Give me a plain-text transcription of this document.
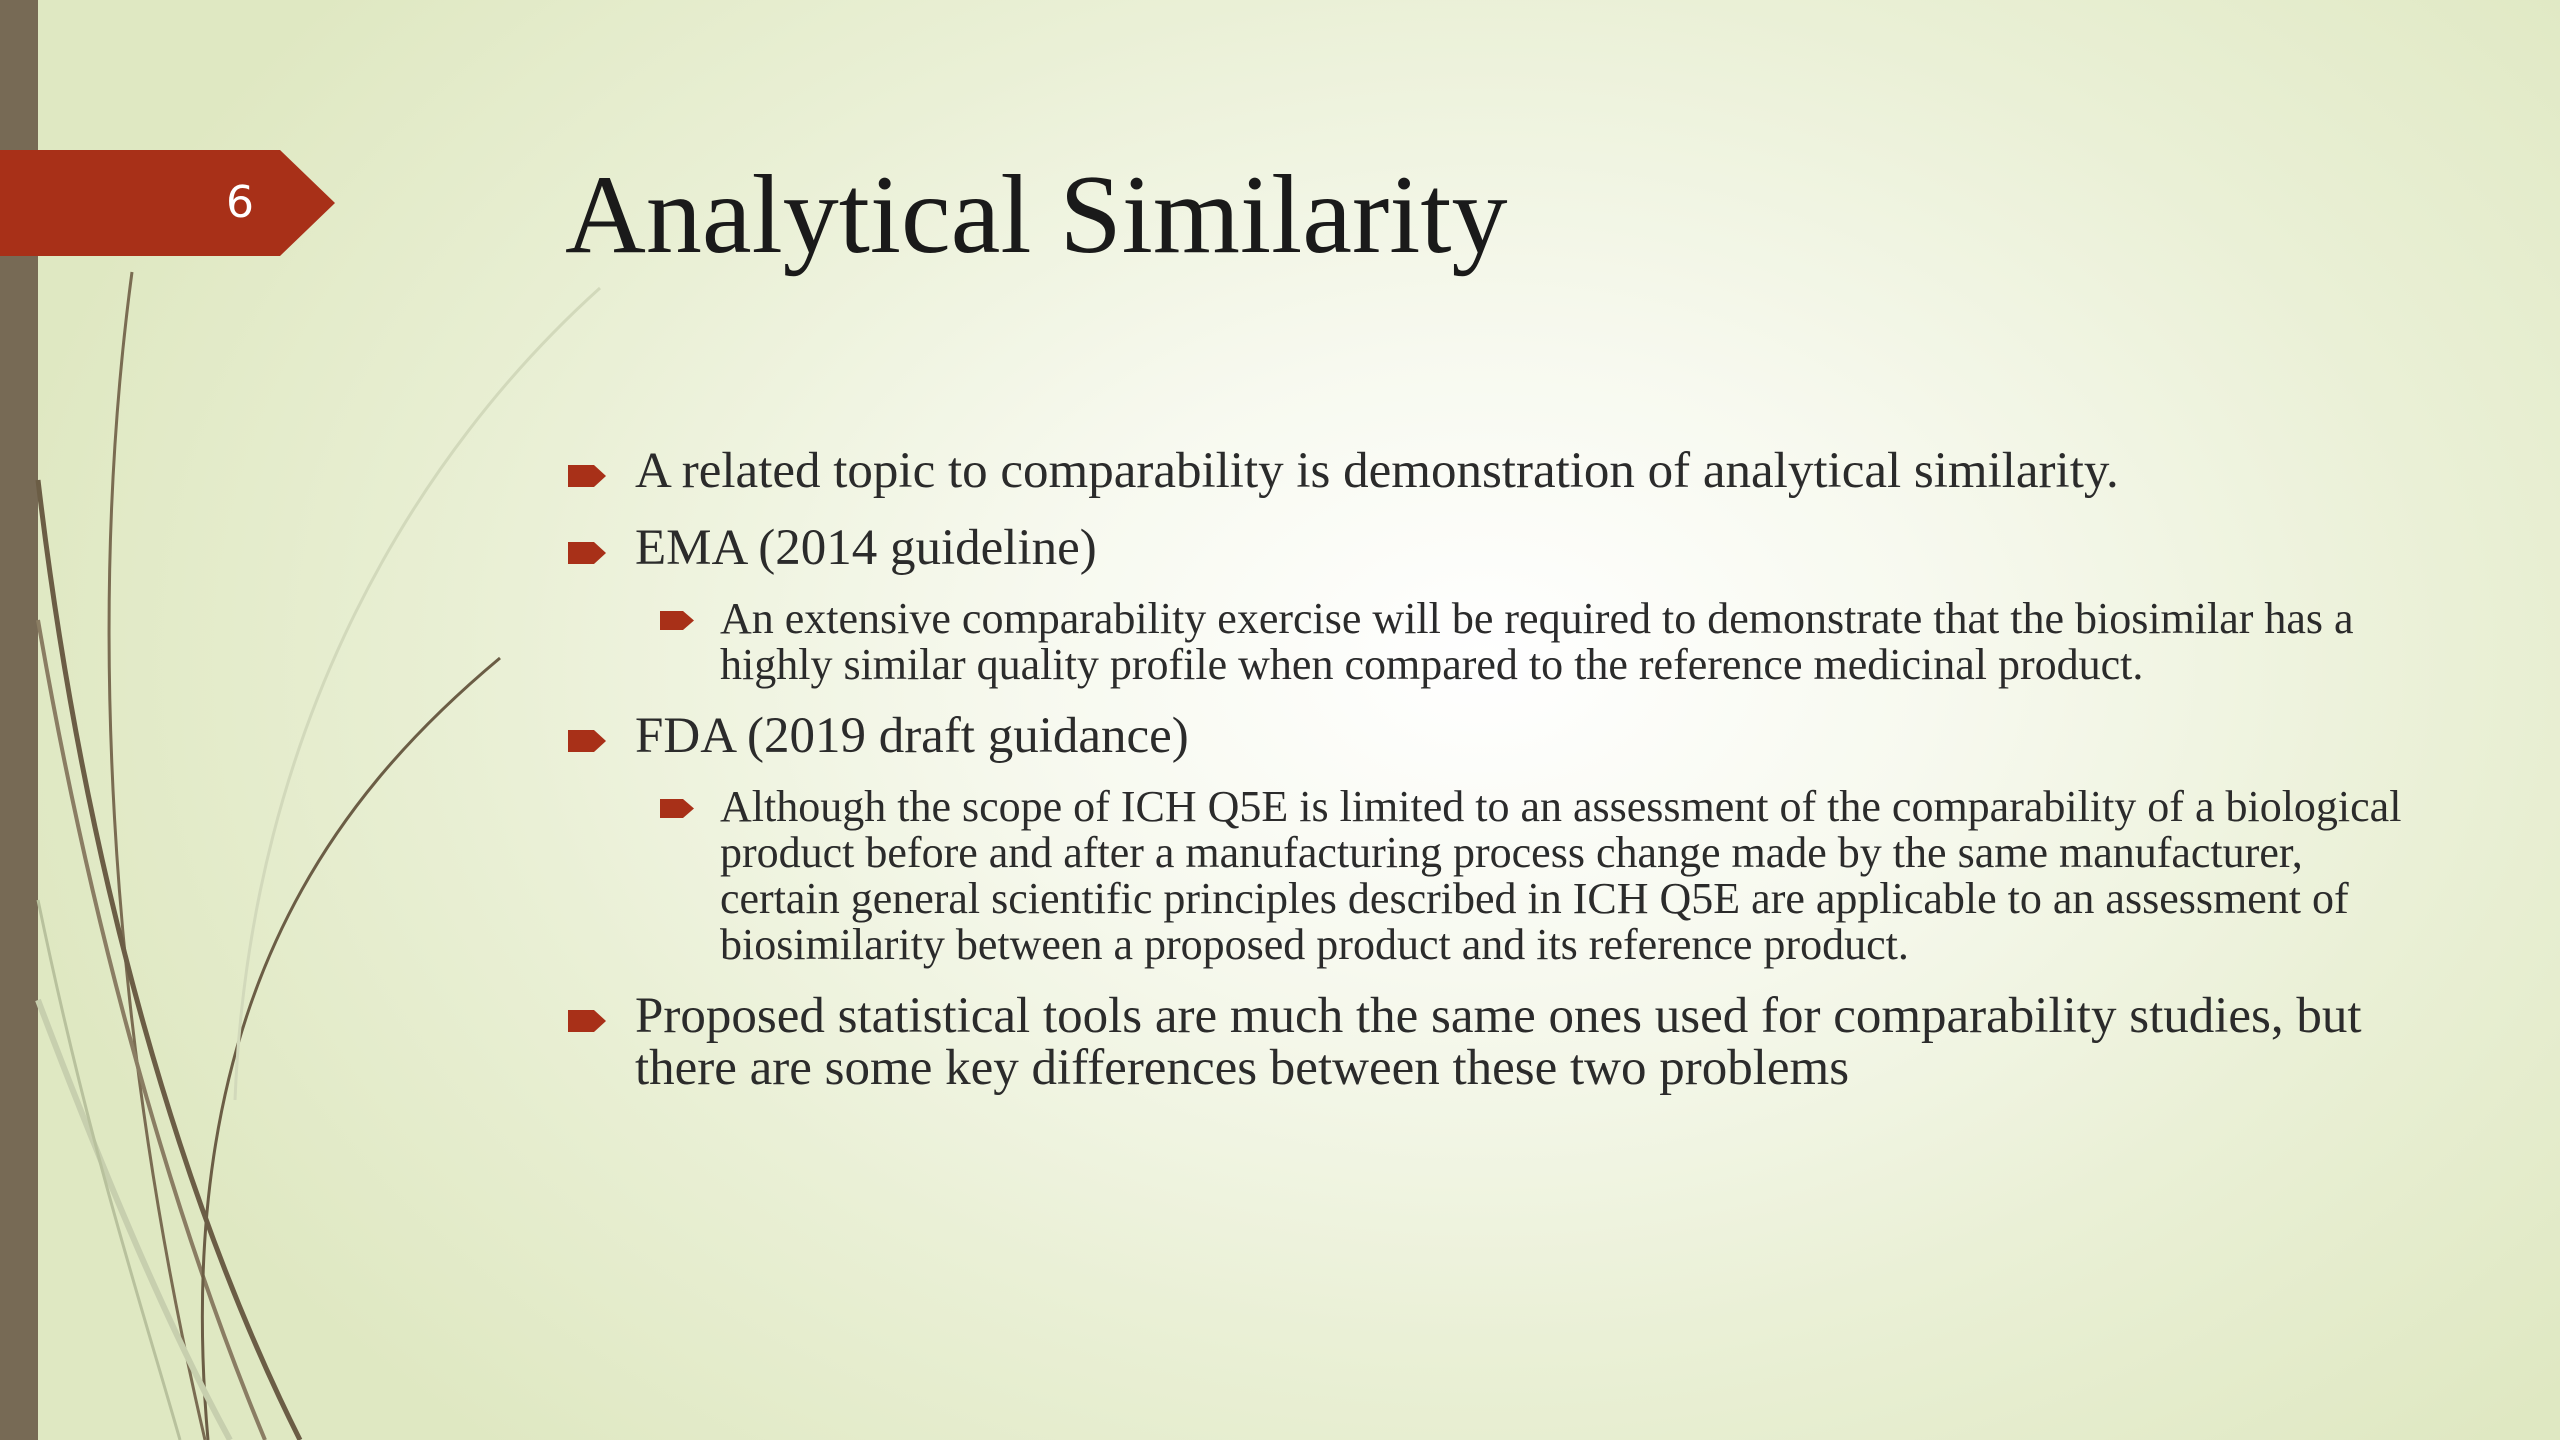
6	Analytical Similarity
A related topic to comparability is demonstration of analytical similarity.
EMA (2014 guideline)
An extensive comparability exercise will be required to demonstrate that the biosimilar has a highly similar quality profile when compared to the reference medicinal product.
FDA (2019 draft guidance)
Although the scope of ICH Q5E is limited to an assessment of the comparability of a biological product before and after a manufacturing process change made by the same manufacturer, certain general scientific principles described in ICH Q5E are applicable to an assessment of biosimilarity between a proposed product and its reference product.
Proposed statistical tools are much the same ones used for comparability studies, but there are some key differences between these two problems
